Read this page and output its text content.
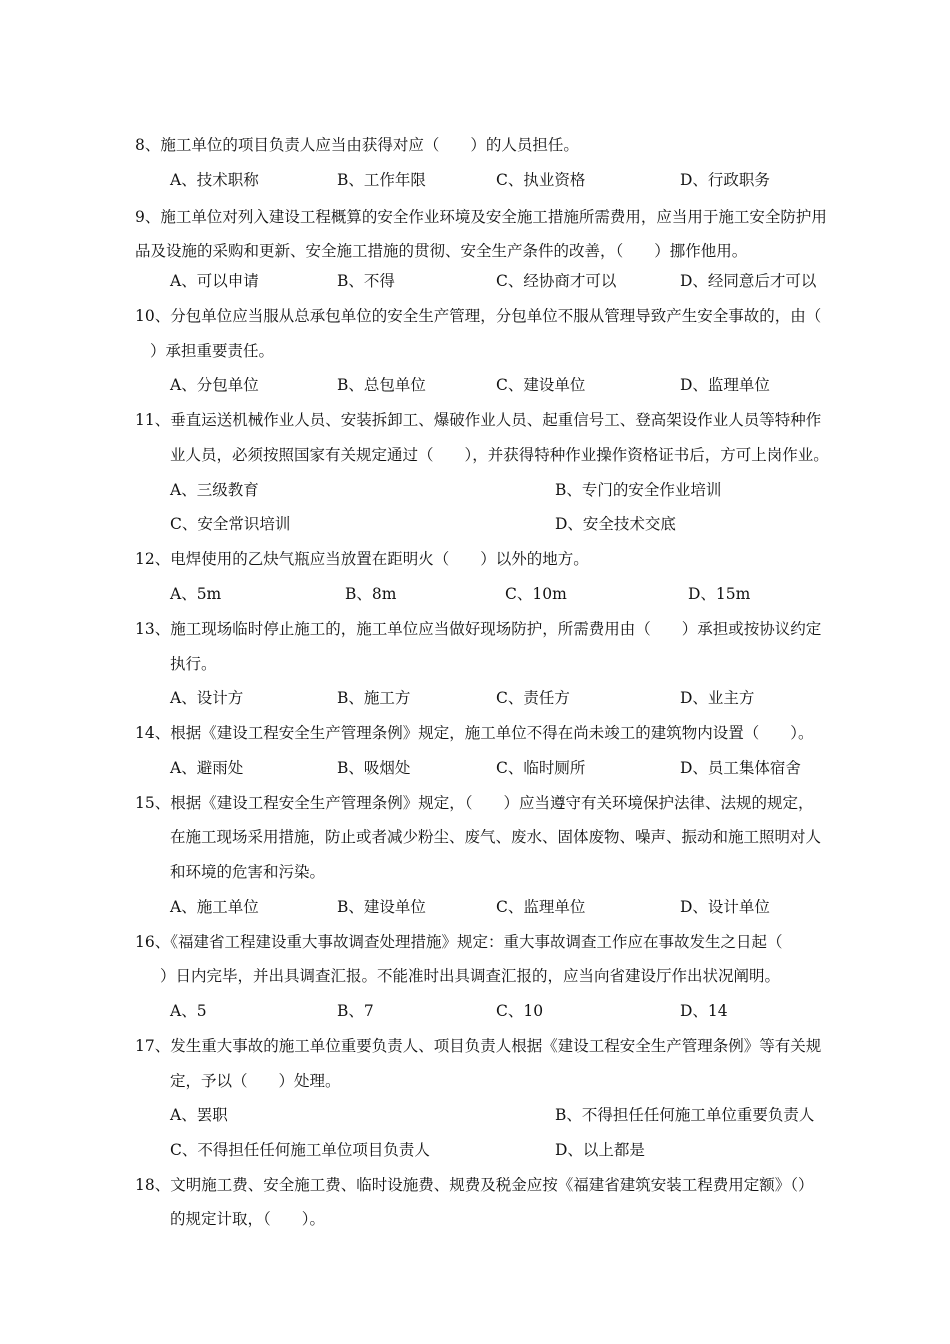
8、施工单位的项目负责人应当由获得对应（　　）的人员担任。
A、技术职称	B、工作年限	C、执业资格	D、行政职务
9、施工单位对列入建设工程概算的安全作业环境及安全施工措施所需费用，应当用于施工安全防护用
品及设施的采购和更新、安全施工措施的贯彻、安全生产条件的改善，（　　）挪作他用。
A、可以申请	B、不得	C、经协商才可以	D、经同意后才可以
10、分包单位应当服从总承包单位的安全生产管理，分包单位不服从管理导致产生安全事故的，由（
）承担重要责任。
A、分包单位	B、总包单位	C、建设单位	D、监理单位
11、垂直运送机械作业人员、安装拆卸工、爆破作业人员、起重信号工、登高架设作业人员等特种作
业人员，必须按照国家有关规定通过（　　），并获得特种作业操作资格证书后，方可上岗作业。
A、三级教育	B、专门的安全作业培训
C、安全常识培训	D、安全技术交底
12、电焊使用的乙炔气瓶应当放置在距明火（　　）以外的地方。
A、5m	B、8m	C、10m	D、15m
13、施工现场临时停止施工的，施工单位应当做好现场防护，所需费用由（　　）承担或按协议约定
执行。
A、设计方	B、施工方	C、责任方	D、业主方
14、根据《建设工程安全生产管理条例》规定，施工单位不得在尚未竣工的建筑物内设置（　　）。
A、避雨处	B、吸烟处	C、临时厕所	D、员工集体宿舍
15、根据《建设工程安全生产管理条例》规定，（　　）应当遵守有关环境保护法律、法规的规定，
在施工现场采用措施，防止或者减少粉尘、废气、废水、固体废物、噪声、振动和施工照明对人
和环境的危害和污染。
A、施工单位	B、建设单位	C、监理单位	D、设计单位
16、《福建省工程建设重大事故调查处理措施》规定：重大事故调查工作应在事故发生之日起（
）日内完毕，并出具调查汇报。不能准时出具调查汇报的，应当向省建设厅作出状况阐明。
A、5	B、7	C、10	D、14
17、发生重大事故的施工单位重要负责人、项目负责人根据《建设工程安全生产管理条例》等有关规
定，予以（　　）处理。
A、罢职	B、不得担任任何施工单位重要负责人
C、不得担任任何施工单位项目负责人	D、以上都是
18、文明施工费、安全施工费、临时设施费、规费及税金应按《福建省建筑安装工程费用定额》（）
的规定计取，（　　）。
